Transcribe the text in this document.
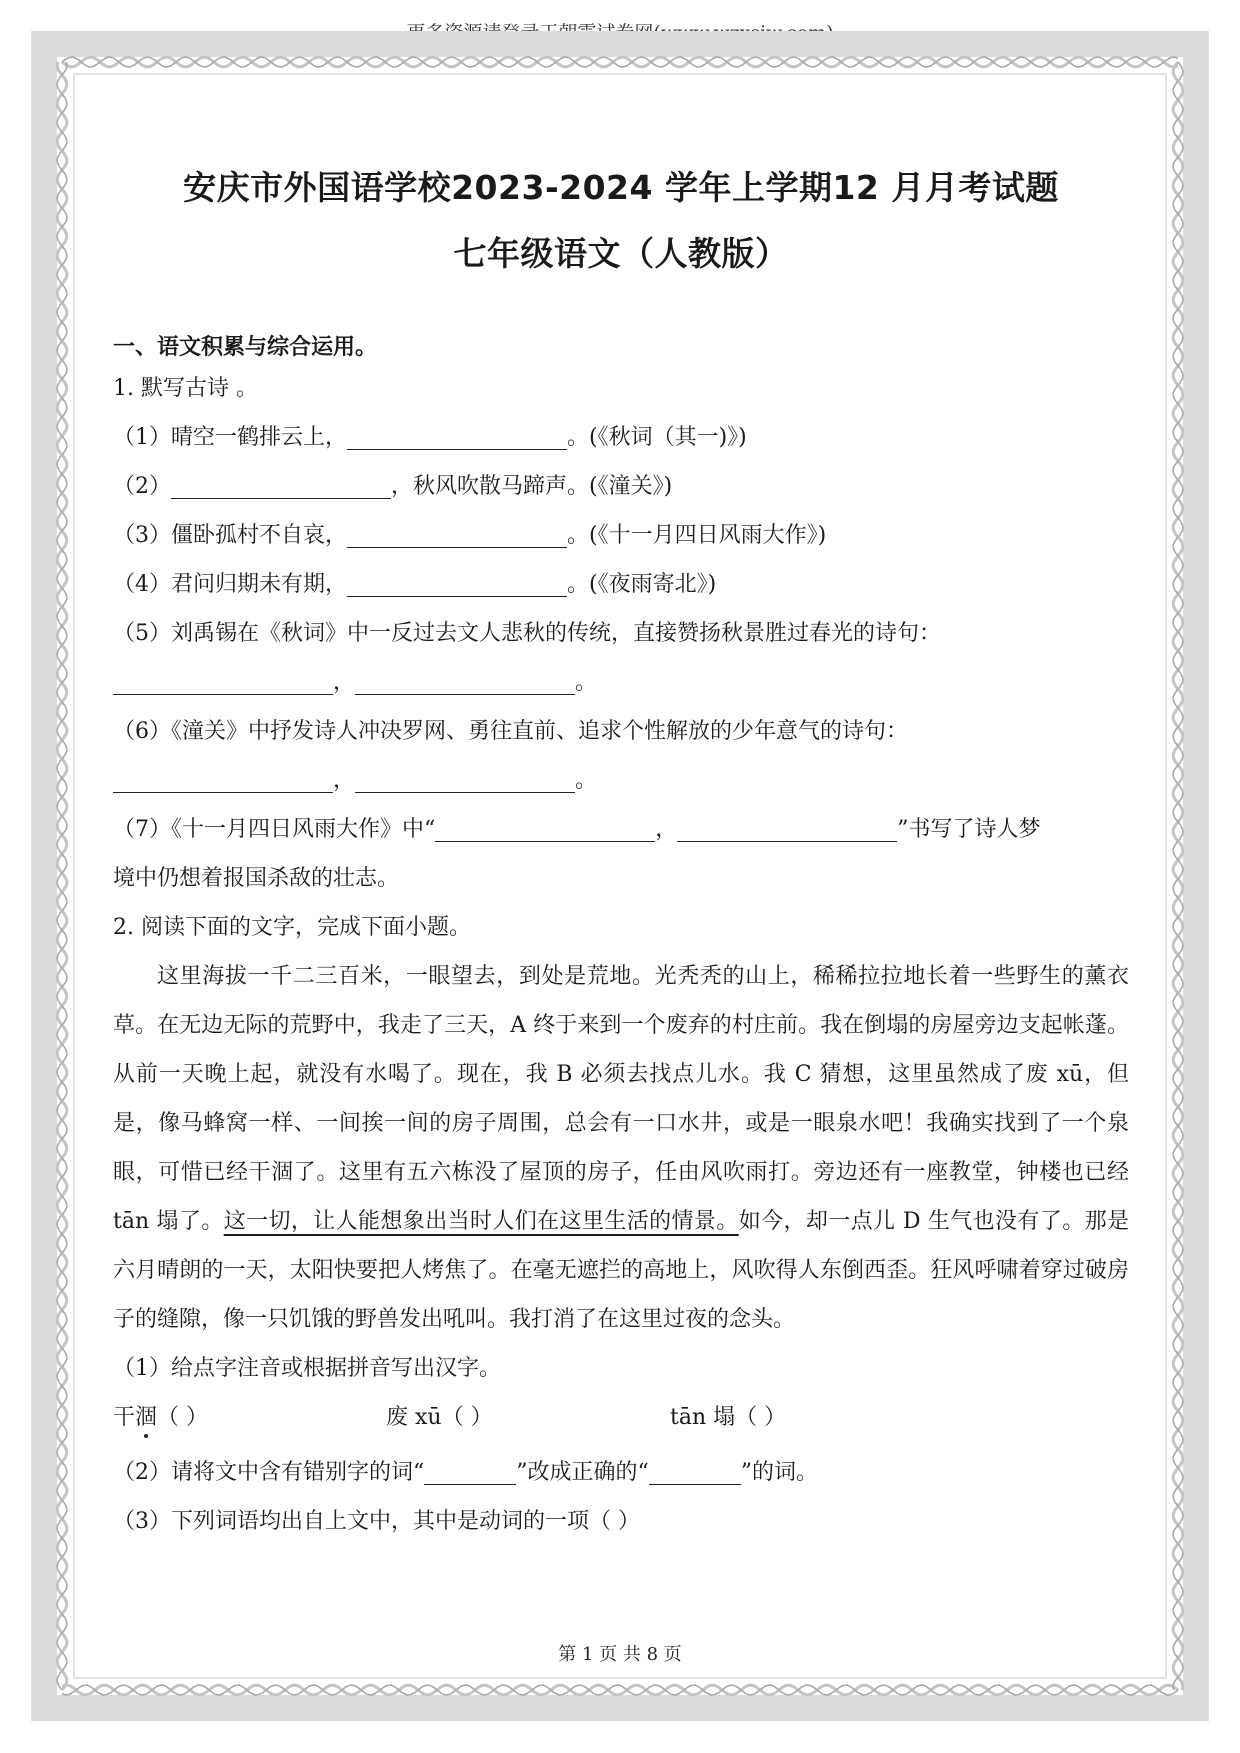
更多资源请登录王朝霞试卷网(www.wzxsjw.com)
安庆市外国语学校2023-2024 学年上学期12 月月考试题
七年级语文（人教版）
一、语文积累与综合运用。
1. 默写古诗 。
（1）晴空一鹤排云上，	。(《秋词（其一)》)
（2）	，秋风吹散马蹄声。(《潼关》)
（3）僵卧孤村不自哀，	。(《十一月四日风雨大作》)
（4）君问归期未有期，	。(《夜雨寄北》)
（5）刘禹锡在《秋词》中一反过去文人悲秋的传统，直接赞扬秋景胜过春光的诗句：
，	。
（6）《潼关》中抒发诗人冲决罗网、勇往直前、追求个性解放的少年意气的诗句：
，	。
（7）《十一月四日风雨大作》中“	，	”书写了诗人梦
境中仍想着报国杀敌的壮志。
2. 阅读下面的文字，完成下面小题。
这里海拔一千二三百米，一眼望去，到处是荒地。光秃秃的山上，稀稀拉拉地长着一些野生的薰衣草。在无边无际的荒野中，我走了三天，A 终于来到一个废弃的村庄前。我在倒塌的房屋旁边支起帐蓬。从前一天晚上起，就没有水喝了。现在，我 B 必须去找点儿水。我 C 猜想，这里虽然成了废 xū，但是，像马蜂窝一样、一间挨一间的房子周围，总会有一口水井，或是一眼泉水吧！我确实找到了一个泉眼，可惜已经干涸了。这里有五六栋没了屋顶的房子，任由风吹雨打。旁边还有一座教堂，钟楼也已经 tān 塌了。这一切，让人能想象出当时人们在这里生活的情景。如今，却一点儿 D 生气也没有了。那是六月晴朗的一天，太阳快要把人烤焦了。在毫无遮拦的高地上，风吹得人东倒西歪。狂风呼啸着穿过破房子的缝隙，像一只饥饿的野兽发出吼叫。我打消了在这里过夜的念头。
（1）给点字注音或根据拼音写出汉字。
干涸（ ）	废 xū（ ）	tān 塌（ ）
（2）请将文中含有错别字的词“	”改成正确的“	”的词。
（3）下列词语均出自上文中，其中是动词的一项（ ）
第 1 页 共 8 页
